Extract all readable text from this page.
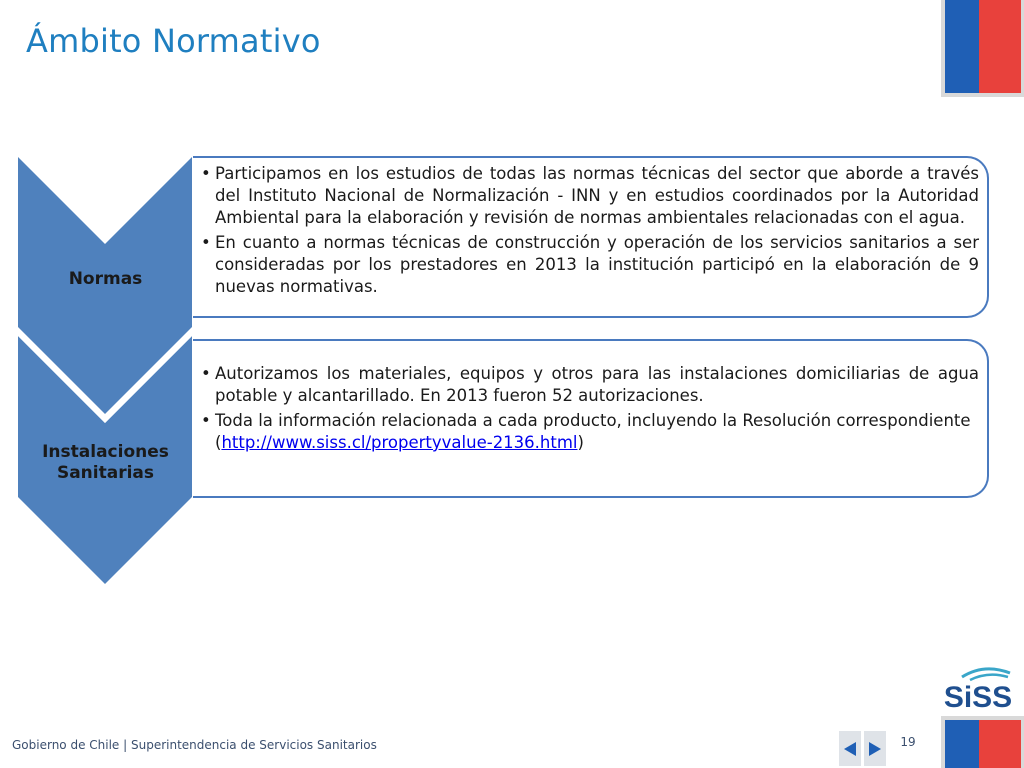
Ámbito Normativo
Normas
Instalaciones
Sanitarias
• Participamos en los estudios de todas las normas técnicas del sector que aborde a través del Instituto Nacional de Normalización - INN y en estudios coordinados por la Autoridad Ambiental para la elaboración y revisión de normas ambientales relacionadas con el agua.
• En cuanto a normas técnicas de construcción y operación de los servicios sanitarios a ser consideradas por los prestadores en 2013 la institución participó en la elaboración de 9 nuevas normativas.
• Autorizamos los materiales, equipos y otros para las instalaciones domiciliarias de agua potable y alcantarillado. En 2013 fueron 52 autorizaciones.
• Toda la información relacionada a cada producto, incluyendo la Resolución correspondiente (http://www.siss.cl/propertyvalue-2136.html)
SiSS
Gobierno de Chile | Superintendencia de Servicios Sanitarios	19
